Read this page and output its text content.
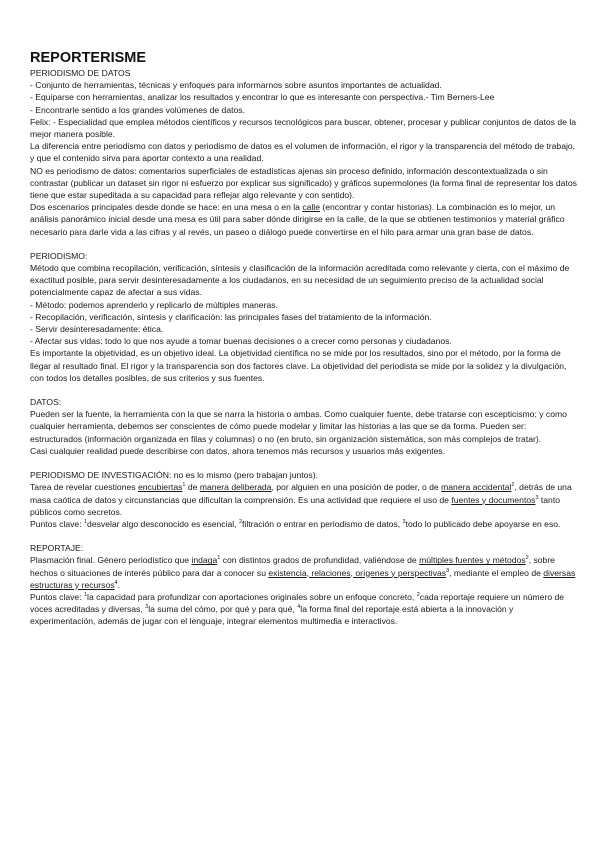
REPORTERISME

PERIODISMO DE DATOS

- Conjunto de herramientas, técnicas y enfoques para informarnos sobre asuntos importantes de actualidad.

- Equiparse con herramientas, analizar los resultados y encontrar lo que es interesante con perspectiva.- Tim Berners-Lee

- Encontrarle sentido a los grandes volúmenes de datos.

Felix: - Especialidad que emplea métodos científicos y recursos tecnológicos para buscar, obtener, procesar y publicar conjuntos de datos de la mejor manera posible.

La diferencia entre periodismo con datos y periodismo de datos es el volumen de información, el rigor y la transparencia del método de trabajo, y que el contenido sirva para aportar contexto a una realidad.

NO es periodismo de datos: comentarios superficiales de estadísticas ajenas sin proceso definido, información descontextualizada o sin contrastar (publicar un dataset sin rigor ni esfuerzo por explicar sus significado) y gráficos supermolones (la forma final de representar los datos tiene que estar supeditada a su capacidad para reflejar algo relevante y con sentido).

Dos escenarios principales desde donde se hace: en una mesa o en la calle (encontrar y contar historias). La combinación es lo mejor, un análisis panorámico inicial desde una mesa es útil para saber dónde dirigirse en la calle, de la que se obtienen testimonios y material gráfico necesario para darle vida a las cifras y al revés, un paseo o diálogo puede convertirse en el hilo para armar una gran base de datos.

PERIODISMO:

Método que combina recopilación, verificación, síntesis y clasificación de la información acreditada como relevante y cierta, con el máximo de exactitud posible, para servir desinteresadamente a los ciudadanos, en su necesidad de un seguimiento preciso de la actualidad social potencialmente capaz de afectar a sus vidas.

- Método: podemos aprenderlo y replicarlo de múltiples maneras.

- Recopilación, verificación, síntesis y clarificación: las principales fases del tratamiento de la información.

- Servir desinteresadamente: ética.

- Afectar sus vidas: todo lo que nos ayude a tomar buenas decisiones o a crecer como personas y ciudadanos.

Es importante la objetividad, es un objetivo ideal. La objetividad científica no se mide por los resultados, sino por el método, por la forma de llegar al resultado final. El rigor y la transparencia son dos factores clave. La objetividad del periodista se mide por la solidez y la divulgación, con todos los detalles posibles, de sus criterios y sus fuentes.

DATOS:

Pueden ser la fuente, la herramienta con la que se narra la historia o ambas. Como cualquier fuente, debe tratarse con escepticismo; y como cualquier herramienta, debemos ser conscientes de cómo puede modelar y limitar las historias a las que se da forma. Pueden ser: estructurados (información organizada en filas y columnas) o no (en bruto, sin organización sistemática, son más complejos de tratar).

Casi cualquier realidad puede describirse con datos, ahora tenemos más recursos y usuarios más exigentes.

PERIODISMO DE INVESTIGACIÓN: no es lo mismo (pero trabajan juntos).

Tarea de revelar cuestiones encubiertas$^1$ de manera deliberada, por alguien en una posición de poder, o de manera accidental$^2$, detrás de una masa caótica de datos y circunstancias que dificultan la comprensión. Es una actividad que requiere el uso de fuentes y documentos$^3$ tanto públicos como secretos.

Puntos clave: $^1$desvelar algo desconocido es esencial, $^2$filtración o entrar en periodismo de datos, $^3$todo lo publicado debe apoyarse en eso.

REPORTAJE:

Plasmación final. Género periodístico que indaga$^1$ con distintos grados de profundidad, valiéndose de múltiples fuentes y métodos$^2$, sobre hechos o situaciones de interés público para dar a conocer su existencia, relaciones, orígenes y perspectivas$^3$, mediante el empleo de diversas estructuras y recursos$^4$.

Puntos clave: $^1$la capacidad para profundizar con aportaciones originales sobre un enfoque concreto, $^2$cada reportaje requiere un número de voces acreditadas y diversas, $^3$la suma del cómo, por qué y para qué, $^4$la forma final del reportaje está abierta a la innovación y experimentación, además de jugar con el lenguaje, integrar elementos multimedia e interactivos.
